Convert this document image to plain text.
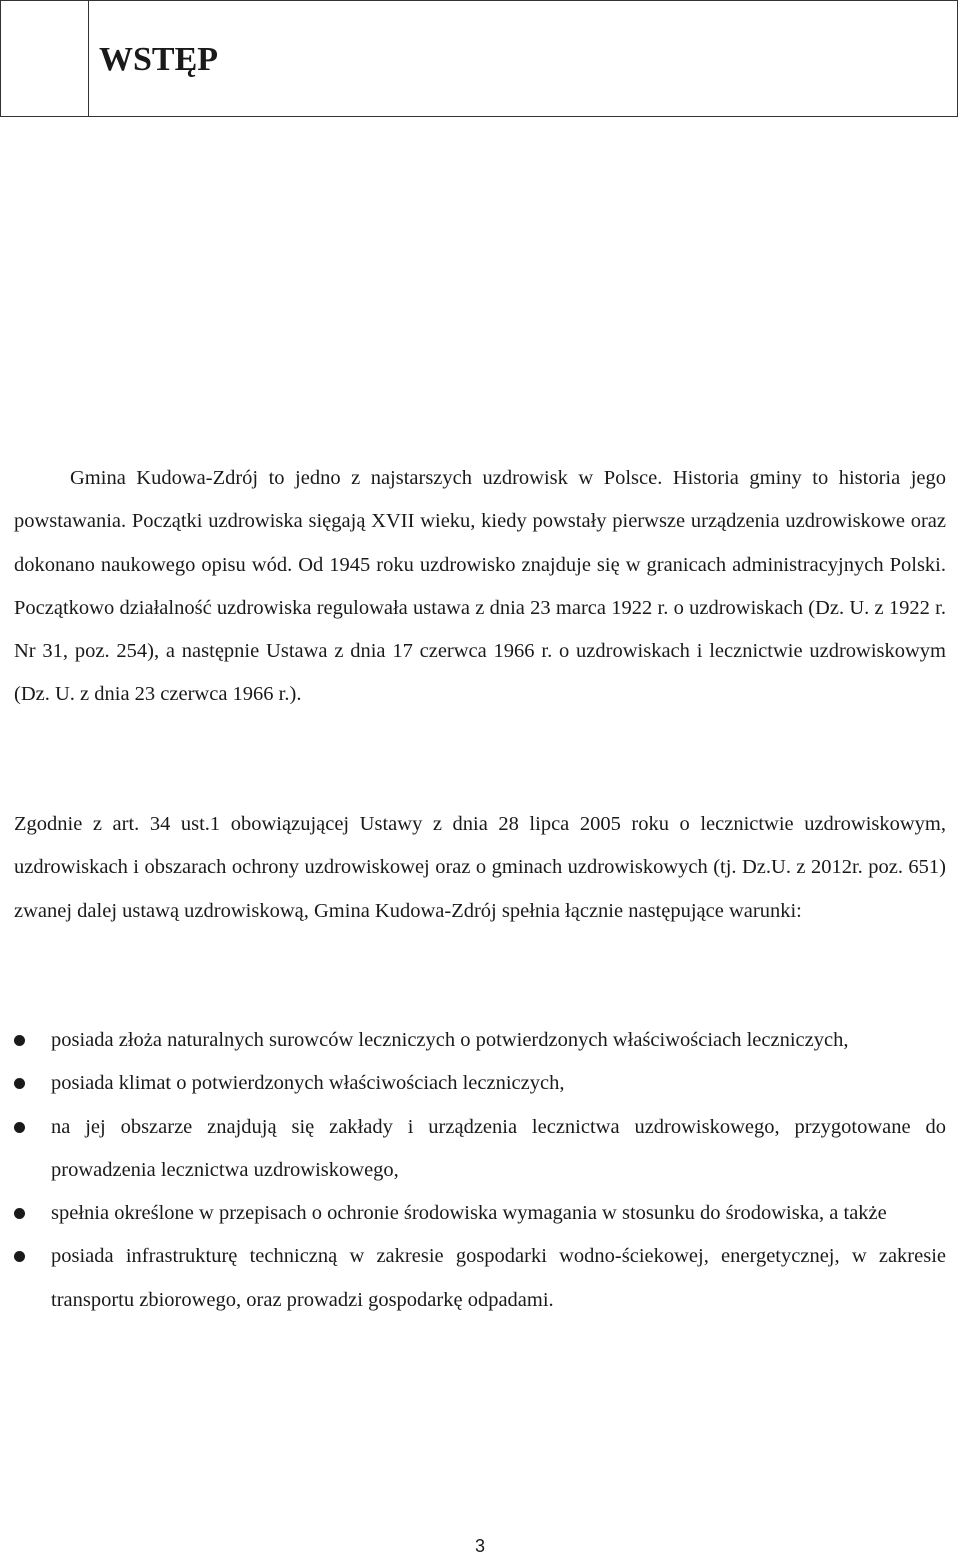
WSTĘP

Gmina Kudowa-Zdrój to jedno z najstarszych uzdrowisk w Polsce. Historia gminy to historia jego powstawania. Początki uzdrowiska sięgają XVII wieku, kiedy powstały pierwsze urządzenia uzdrowiskowe oraz dokonano naukowego opisu wód. Od 1945 roku uzdrowisko znajduje się w granicach administracyjnych Polski. Początkowo działalność uzdrowiska regulowała ustawa z dnia 23 marca 1922 r. o uzdrowiskach (Dz. U. z 1922 r. Nr 31, poz. 254), a następnie Ustawa z dnia 17 czerwca 1966 r. o uzdrowiskach i lecznictwie uzdrowiskowym (Dz. U. z dnia 23 czerwca 1966 r.).

Zgodnie z art. 34 ust.1 obowiązującej Ustawy z dnia 28 lipca 2005 roku o lecznictwie uzdrowiskowym, uzdrowiskach i obszarach ochrony uzdrowiskowej oraz o gminach uzdrowiskowych (tj. Dz.U. z 2012r. poz. 651) zwanej dalej ustawą uzdrowiskową, Gmina Kudowa-Zdrój spełnia łącznie następujące warunki:

posiada złoża naturalnych surowców leczniczych o potwierdzonych właściwościach leczniczych,
posiada klimat o potwierdzonych właściwościach leczniczych,
na jej obszarze znajdują się zakłady i urządzenia lecznictwa uzdrowiskowego, przygotowane do prowadzenia lecznictwa uzdrowiskowego,
spełnia określone w przepisach o ochronie środowiska wymagania w stosunku do środowiska, a także
posiada infrastrukturę techniczną w zakresie gospodarki wodno-ściekowej, energetycznej, w zakresie transportu zbiorowego, oraz prowadzi gospodarkę odpadami.

3
